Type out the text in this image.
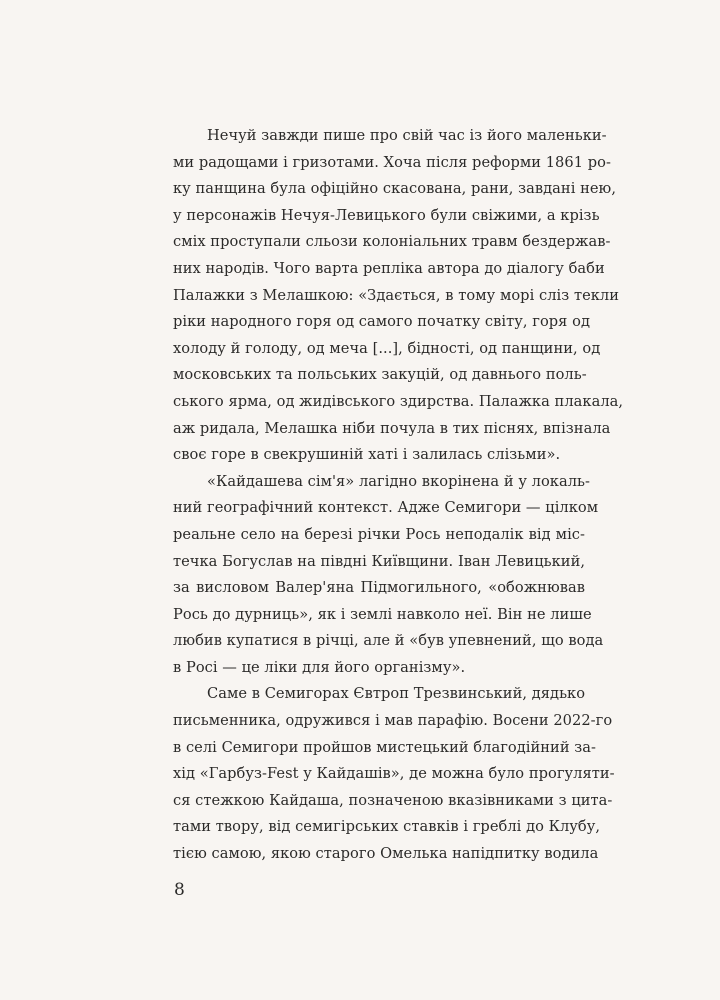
Нечуй завжди пише про свій час із його маленьки-
ми радощами і гризотами. Хоча після реформи 1861 ро-
ку панщина була офіційно скасована, рани, завдані нею,
у персонажів Нечуя-Левицького були свіжими, а крізь
сміх проступали сльози колоніальних травм бездержав-
них народів. Чого варта репліка автора до діалогу баби
Палажки з Мелашкою: «Здається, в тому морі сліз текли
ріки народного горя од самого початку світу, горя од
холоду й голоду, од меча [...], бідності, од панщини, од
московських та польських закуцій, од давнього поль-
ського ярма, од жидівського здирства. Палажка плакала,
аж ридала, Мелашка ніби почула в тих піснях, впізнала
своє горе в свекрушиній хаті і залилась слізьми».
«Кайдашева сім'я» лагідно вкорінена й у локаль-
ний географічний контекст. Адже Семигори — цілком
реальне село на березі річки Рось неподалік від міс-
течка Богуслав на півдні Київщини. Іван Левицький,
за висловом Валер'яна Підмогильного, «обожнював
Рось до дурниць», як і землі навколо неї. Він не лише
любив купатися в річці, але й «був упевнений, що вода
в Росі — це ліки для його організму».
Саме в Семигорах Євтроп Трезвинський, дядько
письменника, одружився і мав парафію. Восени 2022-го
в селі Семигори пройшов мистецький благодійний за-
хід «Гарбуз-Fest у Кайдашів», де можна було прогуляти-
ся стежкою Кайдаша, позначеною вказівниками з цита-
тами твору, від семигірських ставків і греблі до Клубу,
тією самою, якою старого Омелька напідпитку водила
8
